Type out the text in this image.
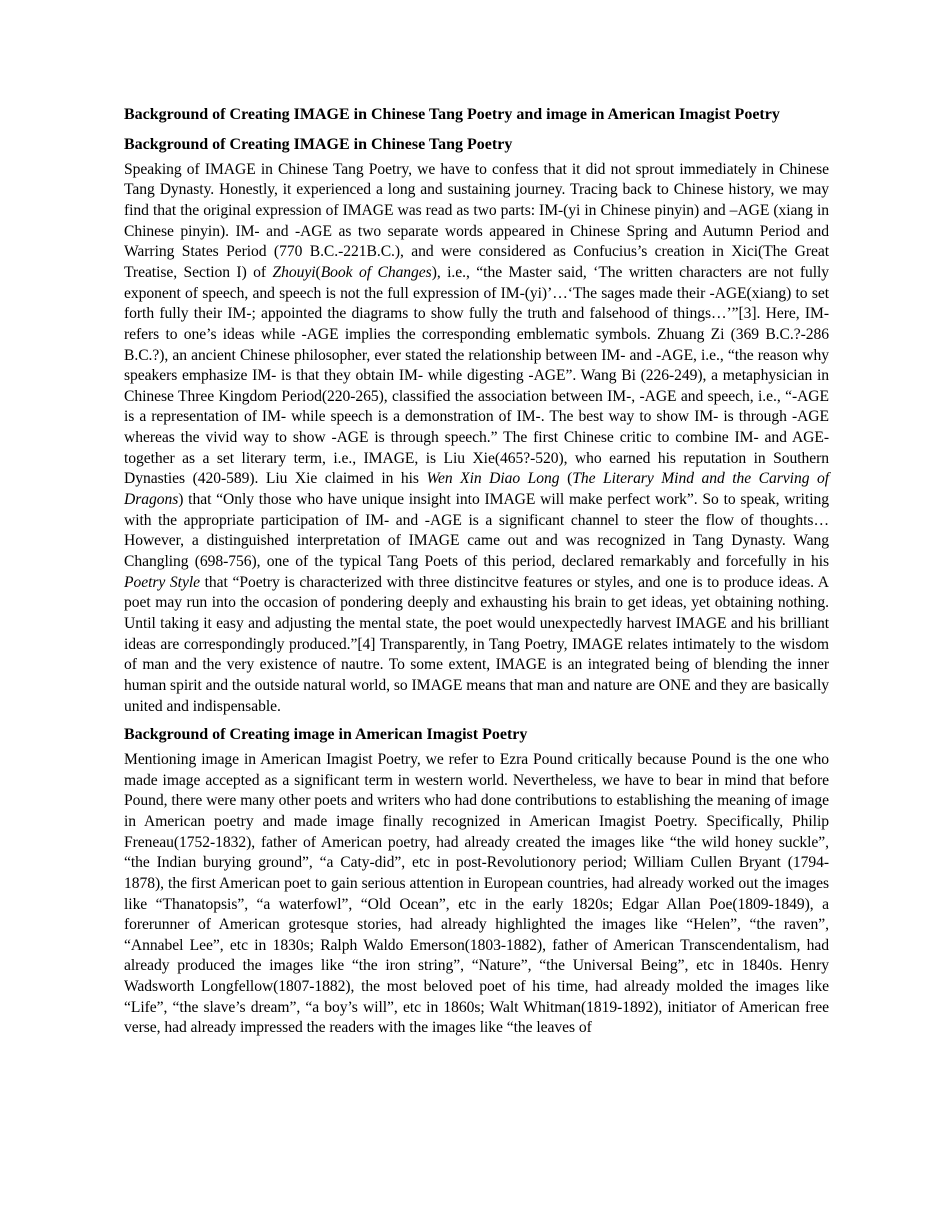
Background of Creating IMAGE in Chinese Tang Poetry and image in American Imagist Poetry
Background of Creating IMAGE in Chinese Tang Poetry

Speaking of IMAGE in Chinese Tang Poetry, we have to confess that it did not sprout immediately in Chinese Tang Dynasty. Honestly, it experienced a long and sustaining journey. Tracing back to Chinese history, we may find that the original expression of IMAGE was read as two parts: IM-(yi in Chinese pinyin) and –AGE (xiang in Chinese pinyin). IM- and -AGE as two separate words appeared in Chinese Spring and Autumn Period and Warring States Period (770 B.C.-221B.C.), and were considered as Confucius’s creation in Xici(The Great Treatise, Section I) of Zhouyi(Book of Changes), i.e., “the Master said, ‘The written characters are not fully exponent of speech, and speech is not the full expression of IM-(yi)’…‘The sages made their -AGE(xiang) to set forth fully their IM-; appointed the diagrams to show fully the truth and falsehood of things…’”[3]. Here, IM- refers to one’s ideas while -AGE implies the corresponding emblematic symbols. Zhuang Zi (369 B.C.?-286 B.C.?), an ancient Chinese philosopher, ever stated the relationship between IM- and -AGE, i.e., “the reason why speakers emphasize IM- is that they obtain IM- while digesting -AGE”. Wang Bi (226-249), a metaphysician in Chinese Three Kingdom Period(220-265), classified the association between IM-, -AGE and speech, i.e., “-AGE is a representation of IM- while speech is a demonstration of IM-. The best way to show IM- is through -AGE whereas the vivid way to show -AGE is through speech.” The first Chinese critic to combine IM- and AGE- together as a set literary term, i.e., IMAGE, is Liu Xie(465?-520), who earned his reputation in Southern Dynasties (420-589). Liu Xie claimed in his Wen Xin Diao Long (The Literary Mind and the Carving of Dragons) that “Only those who have unique insight into IMAGE will make perfect work”. So to speak, writing with the appropriate participation of IM- and -AGE is a significant channel to steer the flow of thoughts…However, a distinguished interpretation of IMAGE came out and was recognized in Tang Dynasty. Wang Changling (698-756), one of the typical Tang Poets of this period, declared remarkably and forcefully in his Poetry Style that “Poetry is characterized with three distincitve features or styles, and one is to produce ideas. A poet may run into the occasion of pondering deeply and exhausting his brain to get ideas, yet obtaining nothing. Until taking it easy and adjusting the mental state, the poet would unexpectedly harvest IMAGE and his brilliant ideas are correspondingly produced.”[4] Transparently, in Tang Poetry, IMAGE relates intimately to the wisdom of man and the very existence of nautre. To some extent, IMAGE is an integrated being of blending the inner human spirit and the outside natural world, so IMAGE means that man and nature are ONE and they are basically united and indispensable.

Background of Creating image in American Imagist Poetry

Mentioning image in American Imagist Poetry, we refer to Ezra Pound critically because Pound is the one who made image accepted as a significant term in western world. Nevertheless, we have to bear in mind that before Pound, there were many other poets and writers who had done contributions to establishing the meaning of image in American poetry and made image finally recognized in American Imagist Poetry. Specifically, Philip Freneau(1752-1832), father of American poetry, had already created the images like “the wild honey suckle”, “the Indian burying ground”, “a Caty-did”, etc in post-Revolutionory period; William Cullen Bryant (1794-1878), the first American poet to gain serious attention in European countries, had already worked out the images like “Thanatopsis”, “a waterfowl”, “Old Ocean”, etc in the early 1820s; Edgar Allan Poe(1809-1849), a forerunner of American grotesque stories, had already highlighted the images like “Helen”, “the raven”, “Annabel Lee”, etc in 1830s; Ralph Waldo Emerson(1803-1882), father of American Transcendentalism, had already produced the images like “the iron string”, “Nature”, “the Universal Being”, etc in 1840s. Henry Wadsworth Longfellow(1807-1882), the most beloved poet of his time, had already molded the images like “Life”, “the slave’s dream”, “a boy’s will”, etc in 1860s; Walt Whitman(1819-1892), initiator of American free verse, had already impressed the readers with the images like “the leaves of
